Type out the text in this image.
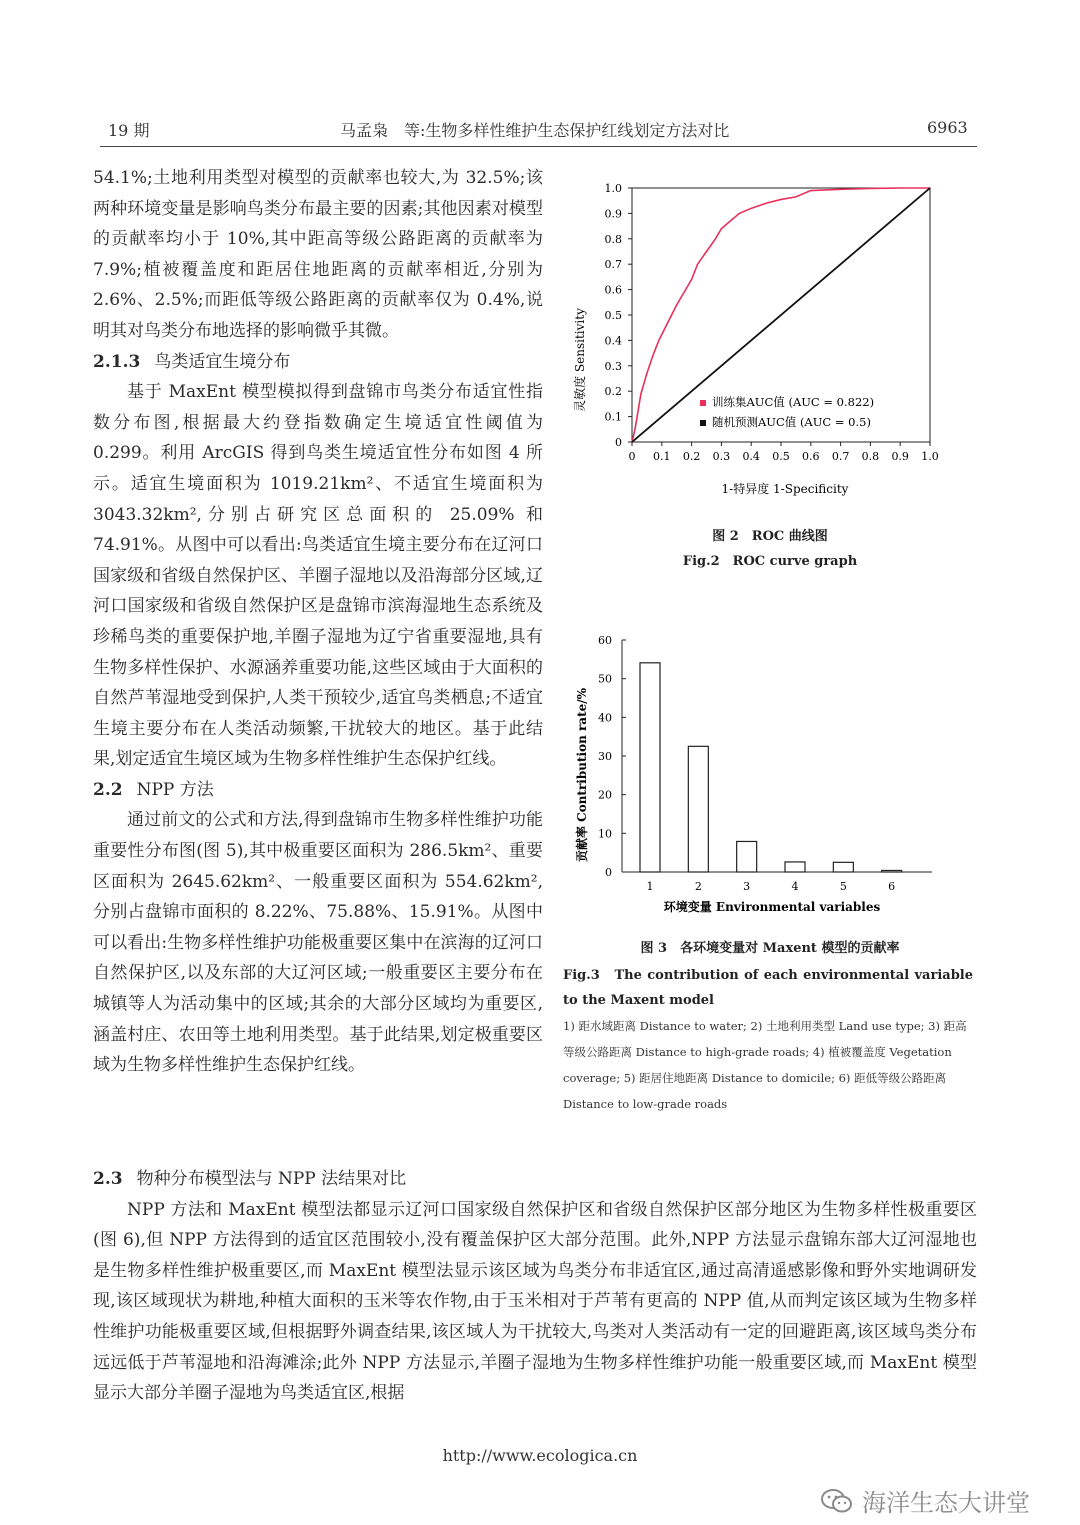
19 期	马孟枭　等:生物多样性维护生态保护红线划定方法对比	6963

54.1%;土地利用类型对模型的贡献率也较大,为 32.5%;该两种环境变量是影响鸟类分布最主要的因素;其他因素对模型的贡献率均小于 10%,其中距高等级公路距离的贡献率为 7.9%;植被覆盖度和距居住地距离的贡献率相近,分别为 2.6%、2.5%;而距低等级公路距离的贡献率仅为 0.4%,说明其对鸟类分布地选择的影响微乎其微。

2.1.3 鸟类适宜生境分布

基于 MaxEnt 模型模拟得到盘锦市鸟类分布适宜性指数分布图,根据最大约登指数确定生境适宜性阈值为 0.299。利用 ArcGIS 得到鸟类生境适宜性分布如图 4 所示。适宜生境面积为 1019.21km²、不适宜生境面积为 3043.32km²,分别占研究区总面积的 25.09% 和 74.91%。从图中可以看出:鸟类适宜生境主要分布在辽河口国家级和省级自然保护区、羊圈子湿地以及沿海部分区域,辽河口国家级和省级自然保护区是盘锦市滨海湿地生态系统及珍稀鸟类的重要保护地,羊圈子湿地为辽宁省重要湿地,具有生物多样性保护、水源涵养重要功能,这些区域由于大面积的自然芦苇湿地受到保护,人类干预较少,适宜鸟类栖息;不适宜生境主要分布在人类活动频繁,干扰较大的地区。基于此结果,划定适宜生境区域为生物多样性维护生态保护红线。

2.2 NPP 方法

通过前文的公式和方法,得到盘锦市生物多样性维护功能重要性分布图(图 5),其中极重要区面积为 286.5km²、重要区面积为 2645.62km²、一般重要区面积为 554.62km²,分别占盘锦市面积的 8.22%、75.88%、15.91%。从图中可以看出:生物多样性维护功能极重要区集中在滨海的辽河口自然保护区,以及东部的大辽河区域;一般重要区主要分布在城镇等人为活动集中的区域;其余的大部分区域均为重要区,涵盖村庄、农田等土地利用类型。基于此结果,划定极重要区域为生物多样性维护生态保护红线。

0 0.1 0.2 0.3 0.4 0.5 0.6 0.7 0.8 0.9 1.0
0
0.1
0.2
0.3
0.4
0.5
0.6
0.7
0.8
0.9
1.0
1-特异度 1-Specificity
灵敏度 Sensitivity	训练集AUC值 (AUC = 0.822)
随机预测AUC值 (AUC = 0.5)
图 2　ROC 曲线图
Fig.2　ROC curve graph
0
10
20
30
40
50
60
1	2	3	4	5	6
环境变量 Environmental variables
贡献率 Contribution rate/%
图 3　各环境变量对 Maxent 模型的贡献率
Fig.3　The contribution of each environmental variable to the Maxent model
1) 距水域距离 Distance to water; 2) 土地利用类型 Land use type; 3) 距高等级公路距离 Distance to high-grade roads; 4) 植被覆盖度 Vegetation coverage; 5) 距居住地距离 Distance to domicile; 6) 距低等级公路距离 Distance to low-grade roads

2.3 物种分布模型法与 NPP 法结果对比

NPP 方法和 MaxEnt 模型法都显示辽河口国家级自然保护区和省级自然保护区部分地区为生物多样性极重要区(图 6),但 NPP 方法得到的适宜区范围较小,没有覆盖保护区大部分范围。此外,NPP 方法显示盘锦东部大辽河湿地也是生物多样性维护极重要区,而 MaxEnt 模型法显示该区域为鸟类分布非适宜区,通过高清遥感影像和野外实地调研发现,该区域现状为耕地,种植大面积的玉米等农作物,由于玉米相对于芦苇有更高的 NPP 值,从而判定该区域为生物多样性维护功能极重要区域,但根据野外调查结果,该区域人为干扰较大,鸟类对人类活动有一定的回避距离,该区域鸟类分布远远低于芦苇湿地和沿海滩涂;此外 NPP 方法显示,羊圈子湿地为生物多样性维护功能一般重要区域,而 MaxEnt 模型显示大部分羊圈子湿地为鸟类适宜区,根据

http://www.ecologica.cn
海洋生态大讲堂
